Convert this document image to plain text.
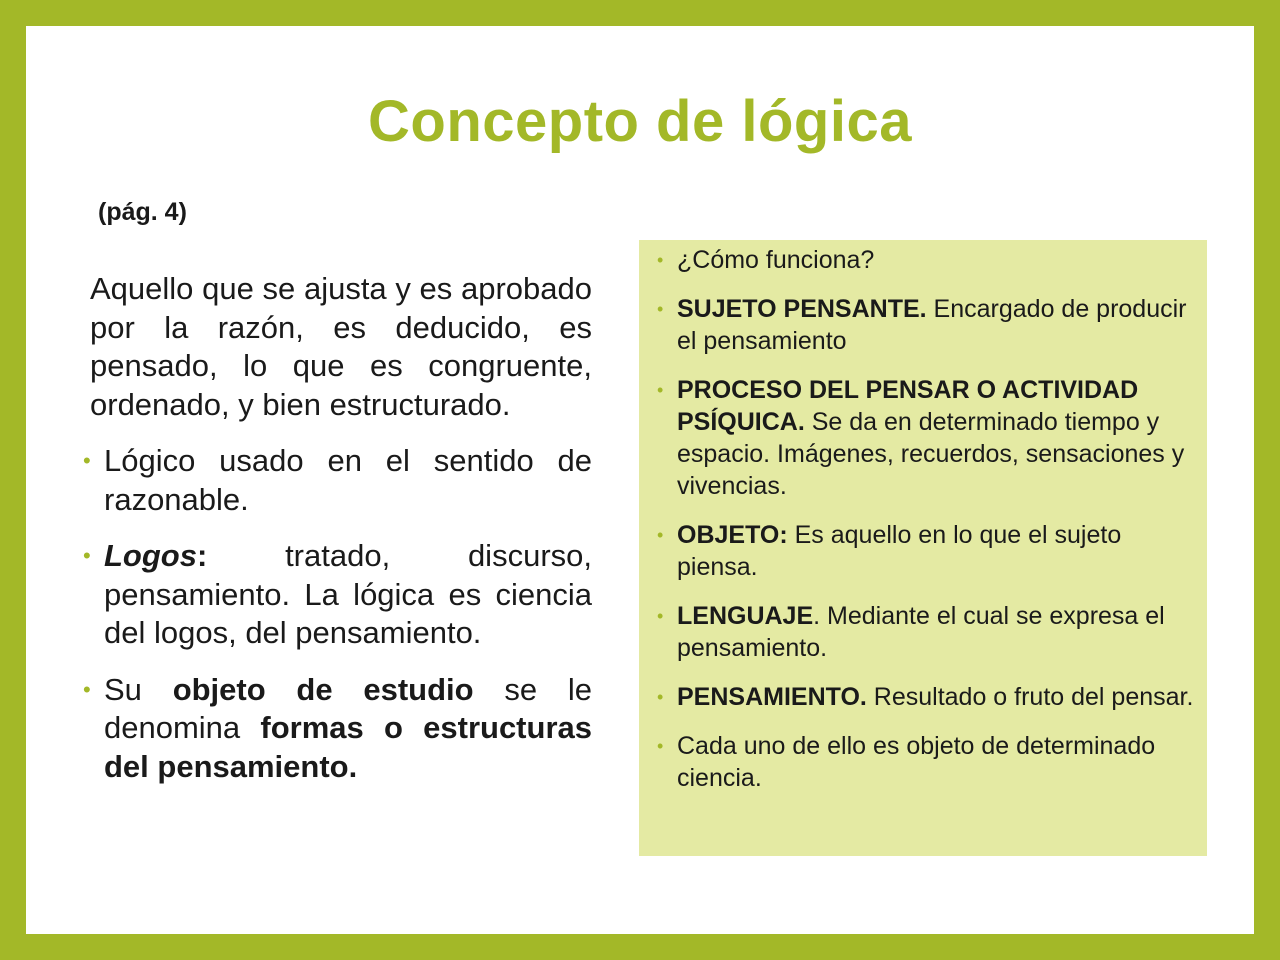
Concepto de lógica
(pág. 4)

Aquello que se ajusta y es aprobado por la razón, es deducido, es pensado, lo que es congruente, ordenado, y bien estructurado.

• Lógico usado en el sentido de razonable.
• Logos: tratado, discurso, pensamiento. La lógica es ciencia del logos, del pensamiento.
• Su objeto de estudio se le denomina formas o estructuras del pensamiento.
• ¿Cómo funciona?
• SUJETO PENSANTE. Encargado de producir el pensamiento
• PROCESO DEL PENSAR O ACTIVIDAD PSÍQUICA. Se da en determinado tiempo y espacio. Imágenes, recuerdos, sensaciones y vivencias.
• OBJETO: Es aquello en lo que el sujeto piensa.
• LENGUAJE. Mediante el cual se expresa el pensamiento.
• PENSAMIENTO. Resultado o fruto del pensar.
• Cada uno de ello es objeto de determinado ciencia.
